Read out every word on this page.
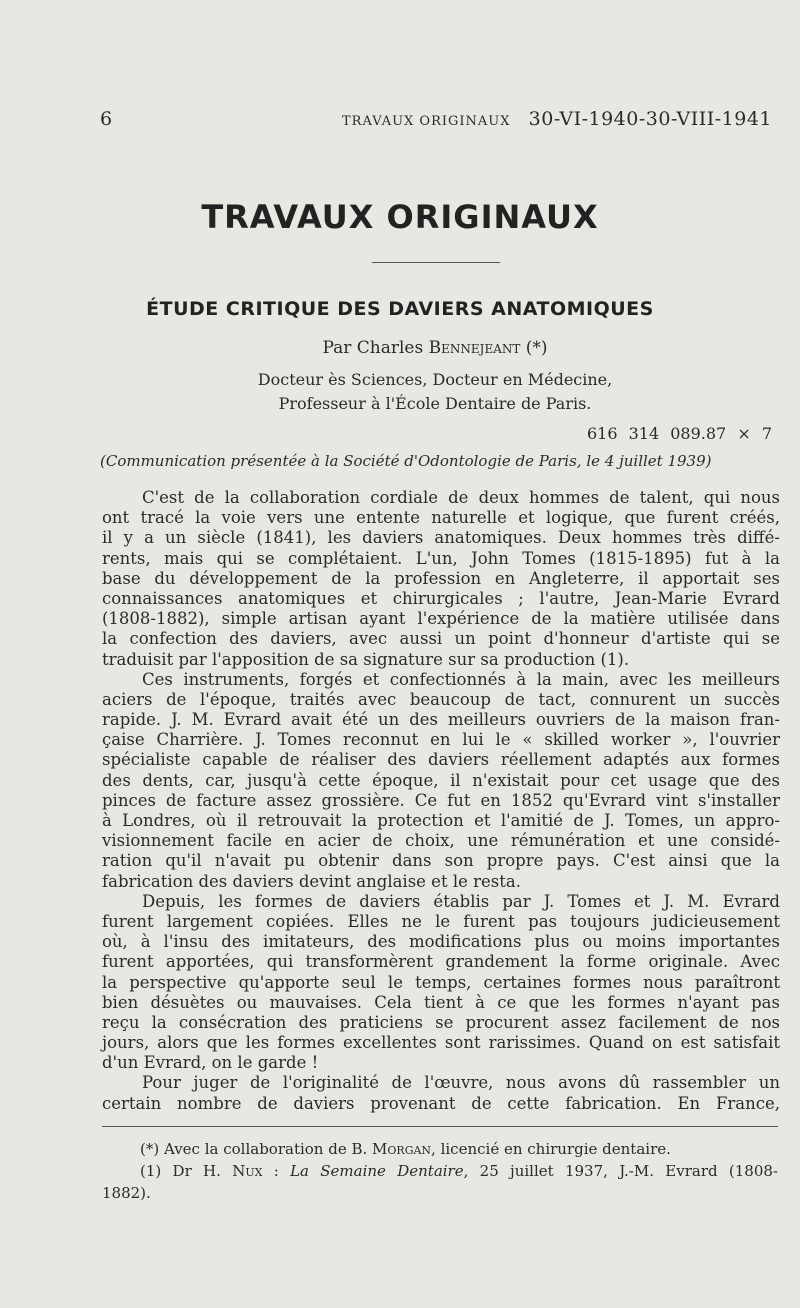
6	TRAVAUX ORIGINAUX 30-VI-1940-30-VIII-1941
TRAVAUX ORIGINAUX
ÉTUDE CRITIQUE DES DAVIERS ANATOMIQUES
Par Charles Bennejeant (*)
Docteur ès Sciences, Docteur en Médecine,
Professeur à l'École Dentaire de Paris.
616 314 089.87 × 7
(Communication présentée à la Société d'Odontologie de Paris, le 4 juillet 1939)
C'est de la collaboration cordiale de deux hommes de talent, qui nous
ont tracé la voie vers une entente naturelle et logique, que furent créés,
il y a un siècle (1841), les daviers anatomiques. Deux hommes très diffé-
rents, mais qui se complétaient. L'un, John Tomes (1815-1895) fut à la
base du développement de la profession en Angleterre, il apportait ses
connaissances anatomiques et chirurgicales ; l'autre, Jean-Marie Evrard
(1808-1882), simple artisan ayant l'expérience de la matière utilisée dans
la confection des daviers, avec aussi un point d'honneur d'artiste qui se
traduisit par l'apposition de sa signature sur sa production (1).
Ces instruments, forgés et confectionnés à la main, avec les meilleurs
aciers de l'époque, traités avec beaucoup de tact, connurent un succès
rapide. J. M. Evrard avait été un des meilleurs ouvriers de la maison fran-
çaise Charrière. J. Tomes reconnut en lui le « skilled worker », l'ouvrier
spécialiste capable de réaliser des daviers réellement adaptés aux formes
des dents, car, jusqu'à cette époque, il n'existait pour cet usage que des
pinces de facture assez grossière. Ce fut en 1852 qu'Evrard vint s'installer
à Londres, où il retrouvait la protection et l'amitié de J. Tomes, un appro-
visionnement facile en acier de choix, une rémunération et une considé-
ration qu'il n'avait pu obtenir dans son propre pays. C'est ainsi que la
fabrication des daviers devint anglaise et le resta.
Depuis, les formes de daviers établis par J. Tomes et J. M. Evrard
furent largement copiées. Elles ne le furent pas toujours judicieusement
où, à l'insu des imitateurs, des modifications plus ou moins importantes
furent apportées, qui transformèrent grandement la forme originale. Avec
la perspective qu'apporte seul le temps, certaines formes nous paraîtront
bien désuètes ou mauvaises. Cela tient à ce que les formes n'ayant pas
reçu la consécration des praticiens se procurent assez facilement de nos
jours, alors que les formes excellentes sont rarissimes. Quand on est satisfait
d'un Evrard, on le garde !
Pour juger de l'originalité de l'œuvre, nous avons dû rassembler un
certain nombre de daviers provenant de cette fabrication. En France,
(*) Avec la collaboration de B. Morgan, licencié en chirurgie dentaire.
(1) Dr H. Nux : La Semaine Dentaire, 25 juillet 1937, J.-M. Evrard (1808-
1882).
